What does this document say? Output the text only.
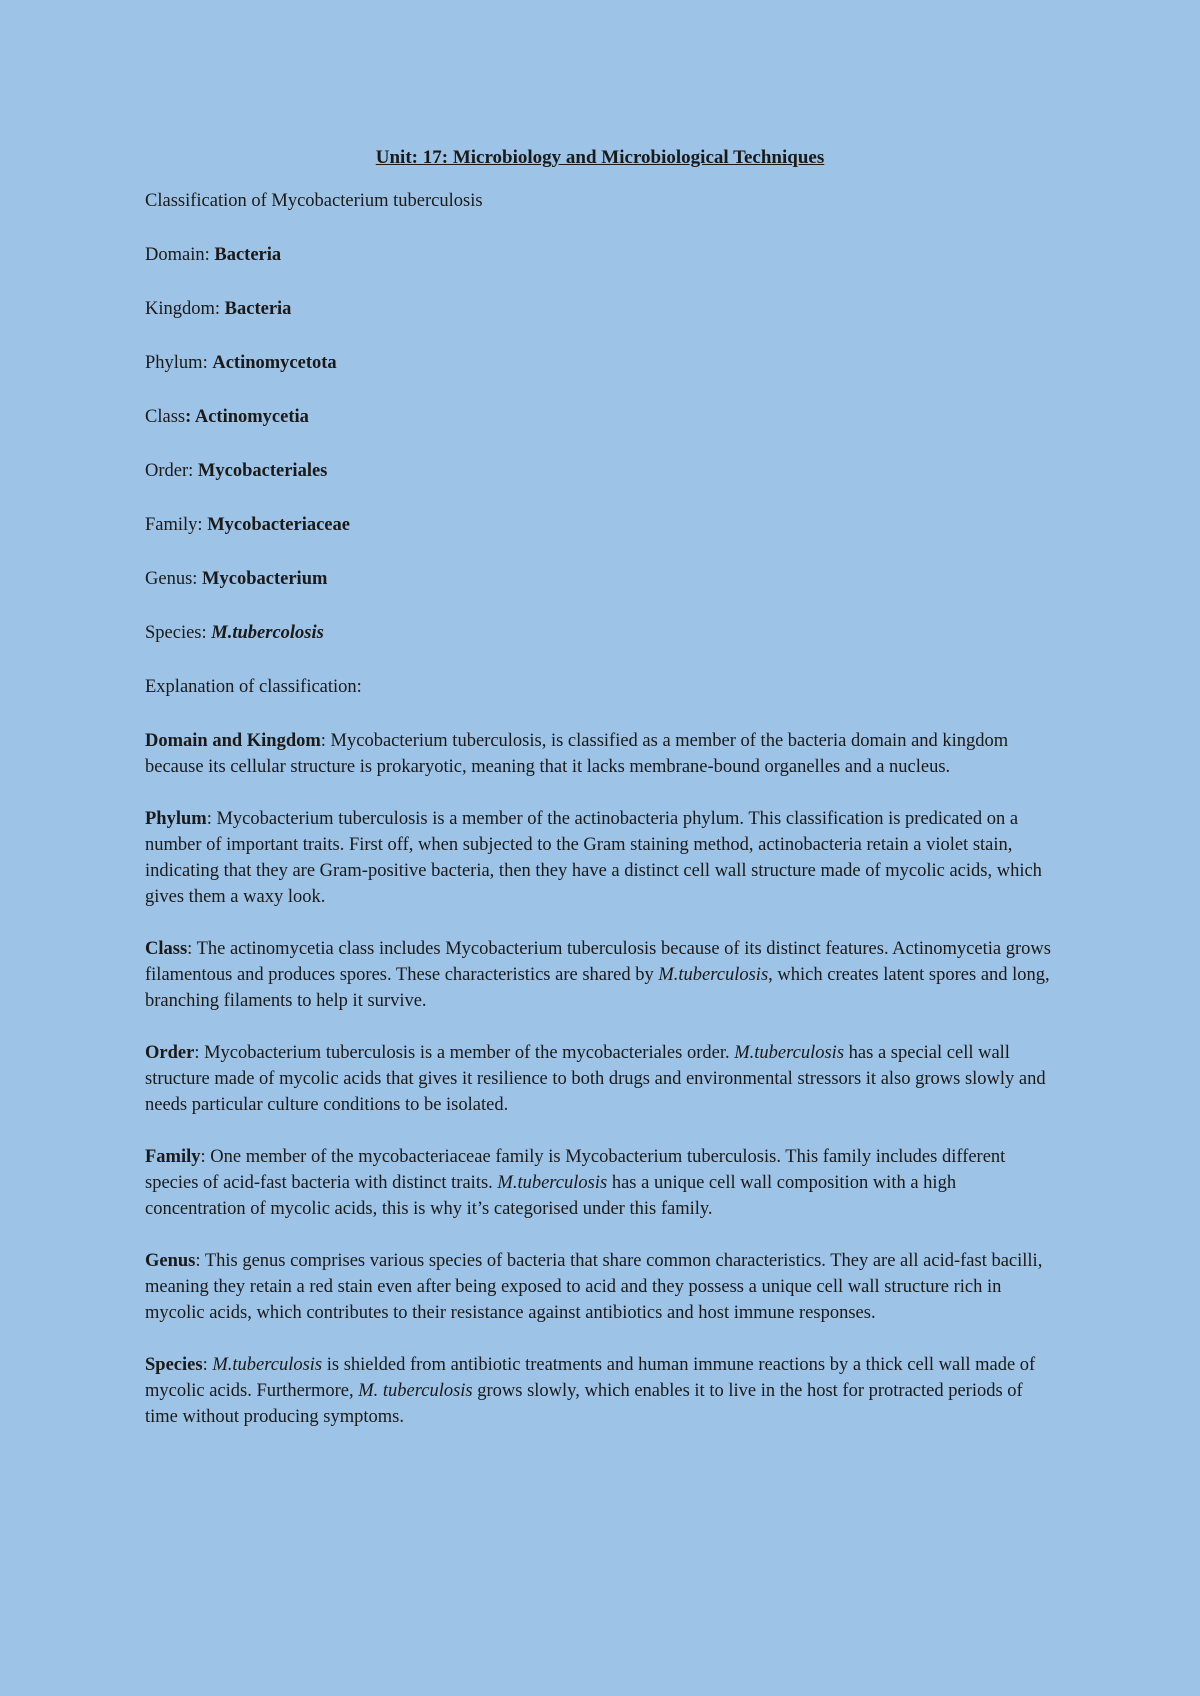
Unit: 17: Microbiology and Microbiological Techniques
Classification of Mycobacterium tuberculosis
Domain: Bacteria
Kingdom: Bacteria
Phylum: Actinomycetota
Class: Actinomycetia
Order: Mycobacteriales
Family: Mycobacteriaceae
Genus: Mycobacterium
Species: M.tubercolosis
Explanation of classification:

Domain and Kingdom: Mycobacterium tuberculosis, is classified as a member of the bacteria domain and kingdom because its cellular structure is prokaryotic, meaning that it lacks membrane-bound organelles and a nucleus.

Phylum: Mycobacterium tuberculosis is a member of the actinobacteria phylum. This classification is predicated on a number of important traits. First off, when subjected to the Gram staining method, actinobacteria retain a violet stain, indicating that they are Gram-positive bacteria, then they have a distinct cell wall structure made of mycolic acids, which gives them a waxy look.

Class: The actinomycetia class includes Mycobacterium tuberculosis because of its distinct features. Actinomycetia grows filamentous and produces spores. These characteristics are shared by M.tuberculosis, which creates latent spores and long, branching filaments to help it survive.

Order: Mycobacterium tuberculosis is a member of the mycobacteriales order. M.tuberculosis has a special cell wall structure made of mycolic acids that gives it resilience to both drugs and environmental stressors it also grows slowly and needs particular culture conditions to be isolated.

Family: One member of the mycobacteriaceae family is Mycobacterium tuberculosis. This family includes different species of acid-fast bacteria with distinct traits. M.tuberculosis has a unique cell wall composition with a high concentration of mycolic acids, this is why it’s categorised under this family.

Genus: This genus comprises various species of bacteria that share common characteristics. They are all acid-fast bacilli, meaning they retain a red stain even after being exposed to acid and they possess a unique cell wall structure rich in mycolic acids, which contributes to their resistance against antibiotics and host immune responses.

Species: M.tuberculosis is shielded from antibiotic treatments and human immune reactions by a thick cell wall made of mycolic acids. Furthermore, M. tuberculosis grows slowly, which enables it to live in the host for protracted periods of time without producing symptoms.
